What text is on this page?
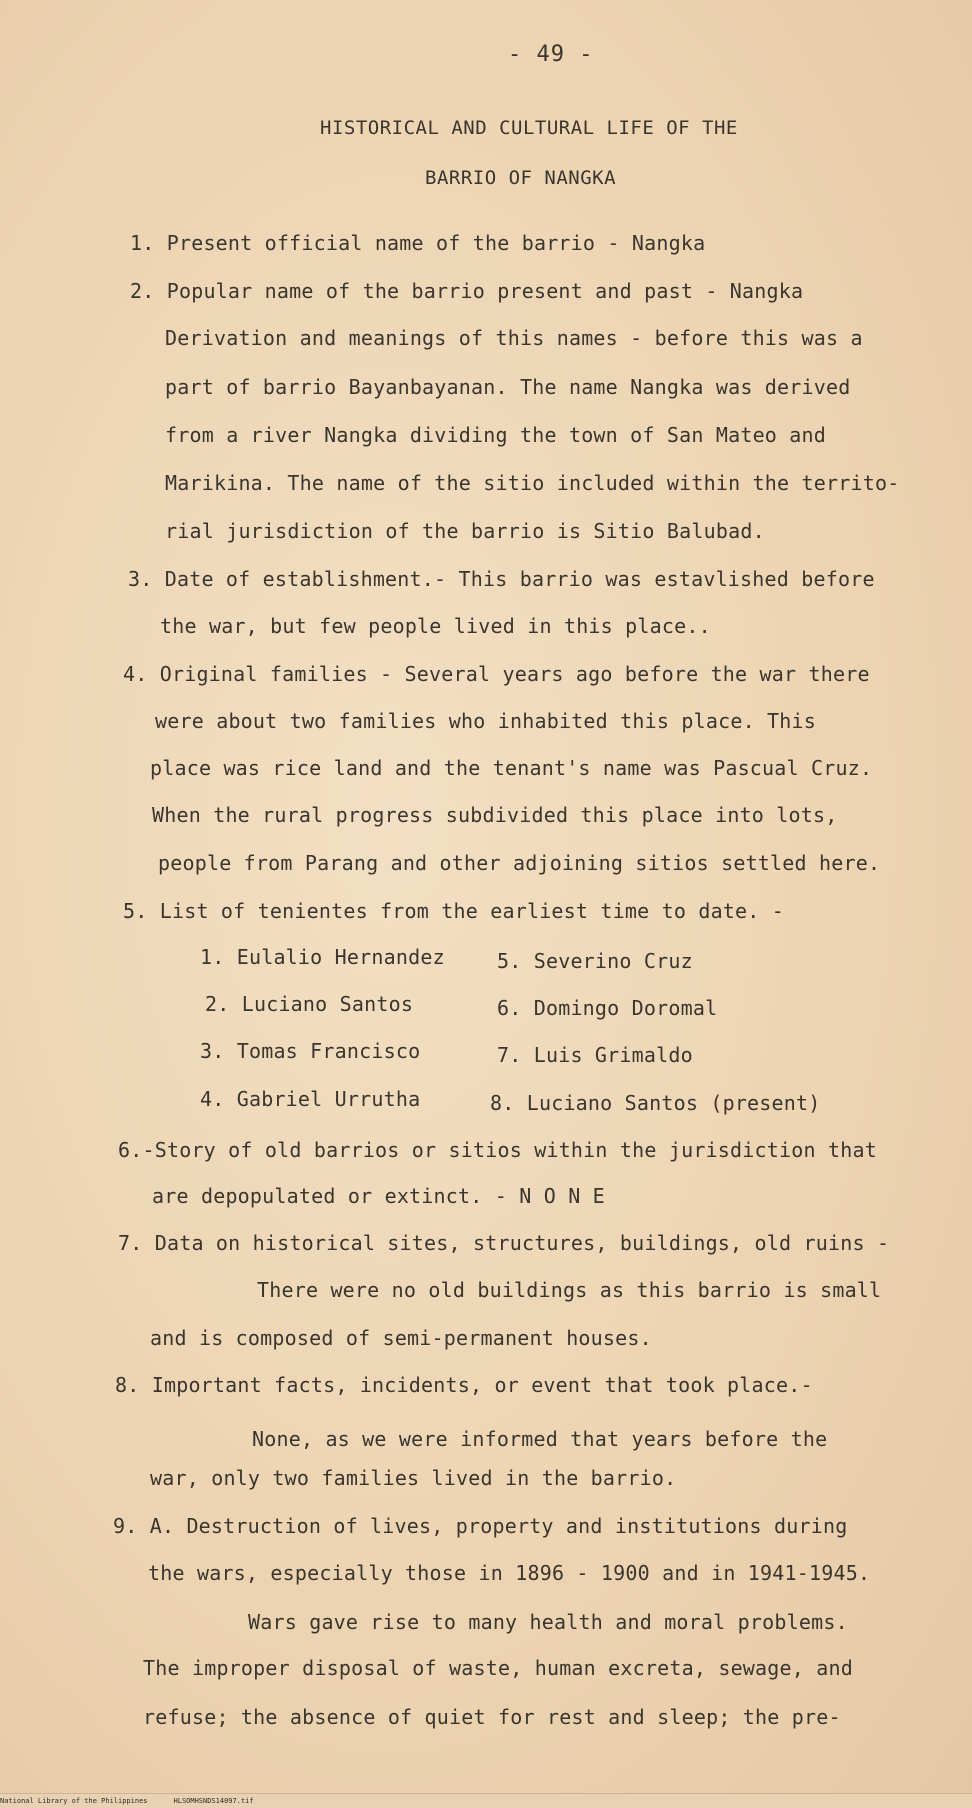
- 49 -
HISTORICAL AND CULTURAL LIFE OF THE
BARRIO OF NANGKA
1. Present official name of the barrio - Nangka
2. Popular name of the barrio present and past - Nangka
Derivation and meanings of this names - before this was a
part of barrio Bayanbayanan. The name Nangka was derived
from a river Nangka dividing the town of San Mateo and
Marikina. The name of the sitio included within the territo-
rial jurisdiction of the barrio is Sitio Balubad.
3. Date of establishment.- This barrio was estavlished before
the war, but few people lived in this place..
4. Original families - Several years ago before the war there
were about two families who inhabited this place. This
place was rice land and the tenant's name was Pascual Cruz.
When the rural progress subdivided this place into lots,
people from Parang and other adjoining sitios settled here.
5. List of tenientes from the earliest time to date. -
1. Eulalio Hernandez	5. Severino Cruz
2. Luciano Santos	6. Domingo Doromal
3. Tomas Francisco	7. Luis Grimaldo
4. Gabriel Urrutha	8. Luciano Santos (present)
6.-Story of old barrios or sitios within the jurisdiction that
are depopulated or extinct. - N O N E
7. Data on historical sites, structures, buildings, old ruins -
There were no old buildings as this barrio is small
and is composed of semi-permanent houses.
8. Important facts, incidents, or event that took place.-
None, as we were informed that years before the
war, only two families lived in the barrio.
9. A. Destruction of lives, property and institutions during
the wars, especially those in 1896 - 1900 and in 1941-1945.
Wars gave rise to many health and moral problems.
The improper disposal of waste, human excreta, sewage, and
refuse; the absence of quiet for rest and sleep; the pre-
National Library of the Philippines	HLSOMHSNDS14097.tif
